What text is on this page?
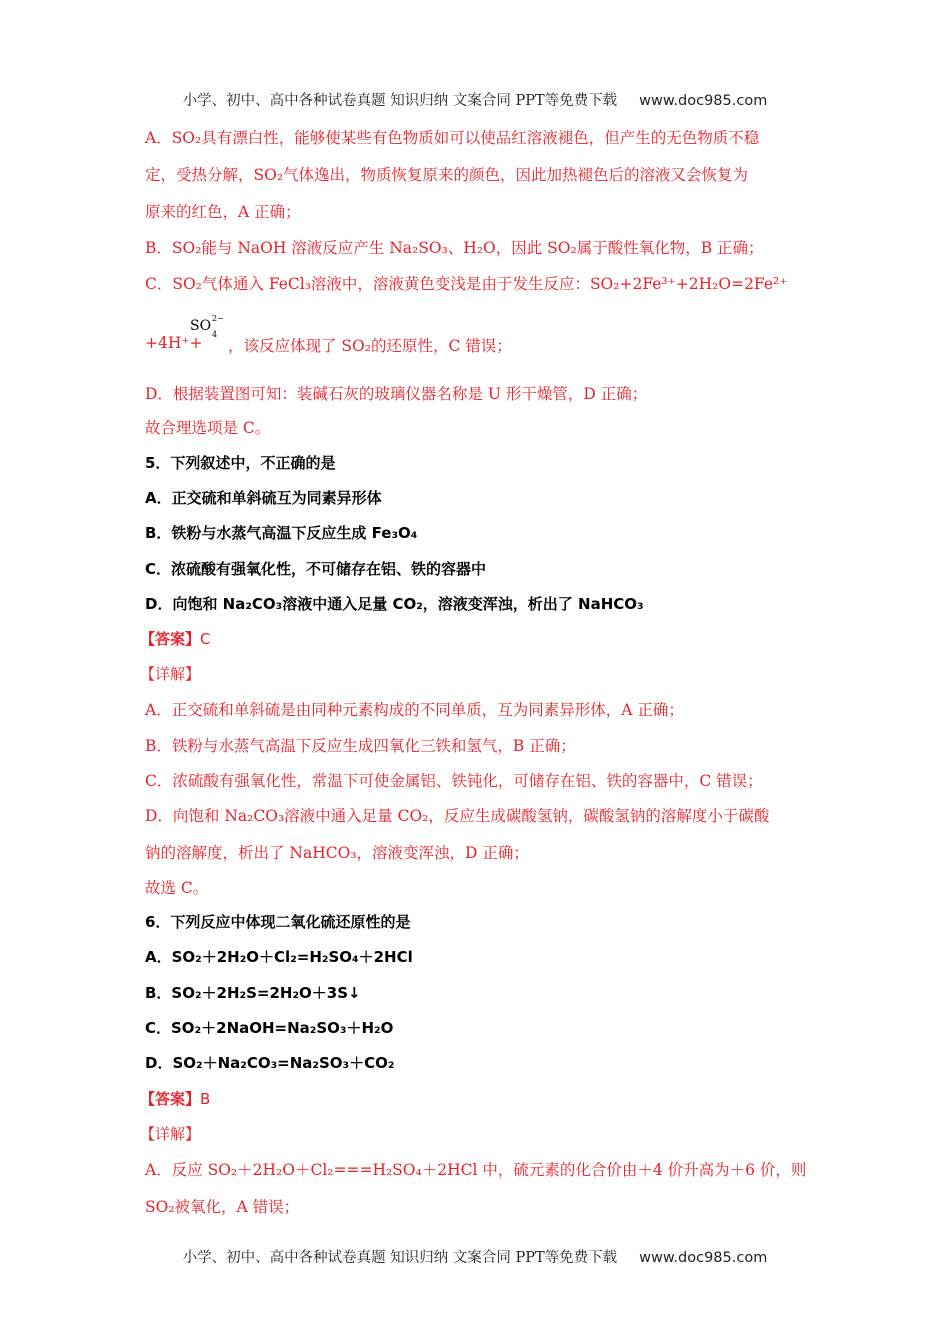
小学、初中、高中各种试卷真题 知识归纳 文案合同 PPT等免费下载 www.doc985.com
A．SO₂具有漂白性，能够使某些有色物质如可以使品红溶液褪色，但产生的无色物质不稳
定，受热分解，SO₂气体逸出，物质恢复原来的颜色，因此加热褪色后的溶液又会恢复为
原来的红色，A 正确；
B．SO₂能与 NaOH 溶液反应产生 Na₂SO₃、H₂O，因此 SO₂属于酸性氧化物，B 正确；
C．SO₂气体通入 FeCl₃溶液中，溶液黄色变浅是由于发生反应：SO₂+2Fe³⁺+2H₂O=2Fe²⁺
SO 2−
4
+4H⁺+ ，该反应体现了 SO₂的还原性，C 错误；
D．根据装置图可知：装碱石灰的玻璃仪器名称是 U 形干燥管，D 正确；
故合理选项是 C。
5．下列叙述中，不正确的是
A．正交硫和单斜硫互为同素异形体
B．铁粉与水蒸气高温下反应生成 Fe₃O₄
C．浓硫酸有强氧化性，不可储存在铝、铁的容器中
D．向饱和 Na₂CO₃溶液中通入足量 CO₂，溶液变浑浊，析出了 NaHCO₃
【答案】C
【详解】
A．正交硫和单斜硫是由同种元素构成的不同单质，互为同素异形体，A 正确；
B．铁粉与水蒸气高温下反应生成四氧化三铁和氢气，B 正确；
C．浓硫酸有强氧化性，常温下可使金属铝、铁钝化，可储存在铝、铁的容器中，C 错误；
D．向饱和 Na₂CO₃溶液中通入足量 CO₂，反应生成碳酸氢钠，碳酸氢钠的溶解度小于碳酸
钠的溶解度，析出了 NaHCO₃，溶液变浑浊，D 正确；
故选 C。
6．下列反应中体现二氧化硫还原性的是
A．SO₂＋2H₂O＋Cl₂=H₂SO₄＋2HCl
B．SO₂＋2H₂S=2H₂O＋3S↓
C．SO₂＋2NaOH=Na₂SO₃＋H₂O
D．SO₂＋Na₂CO₃=Na₂SO₃＋CO₂
【答案】B
【详解】
A．反应 SO₂＋2H₂O＋Cl₂===H₂SO₄＋2HCl 中，硫元素的化合价由＋4 价升高为＋6 价，则
SO₂被氧化，A 错误；
小学、初中、高中各种试卷真题 知识归纳 文案合同 PPT等免费下载 www.doc985.com
